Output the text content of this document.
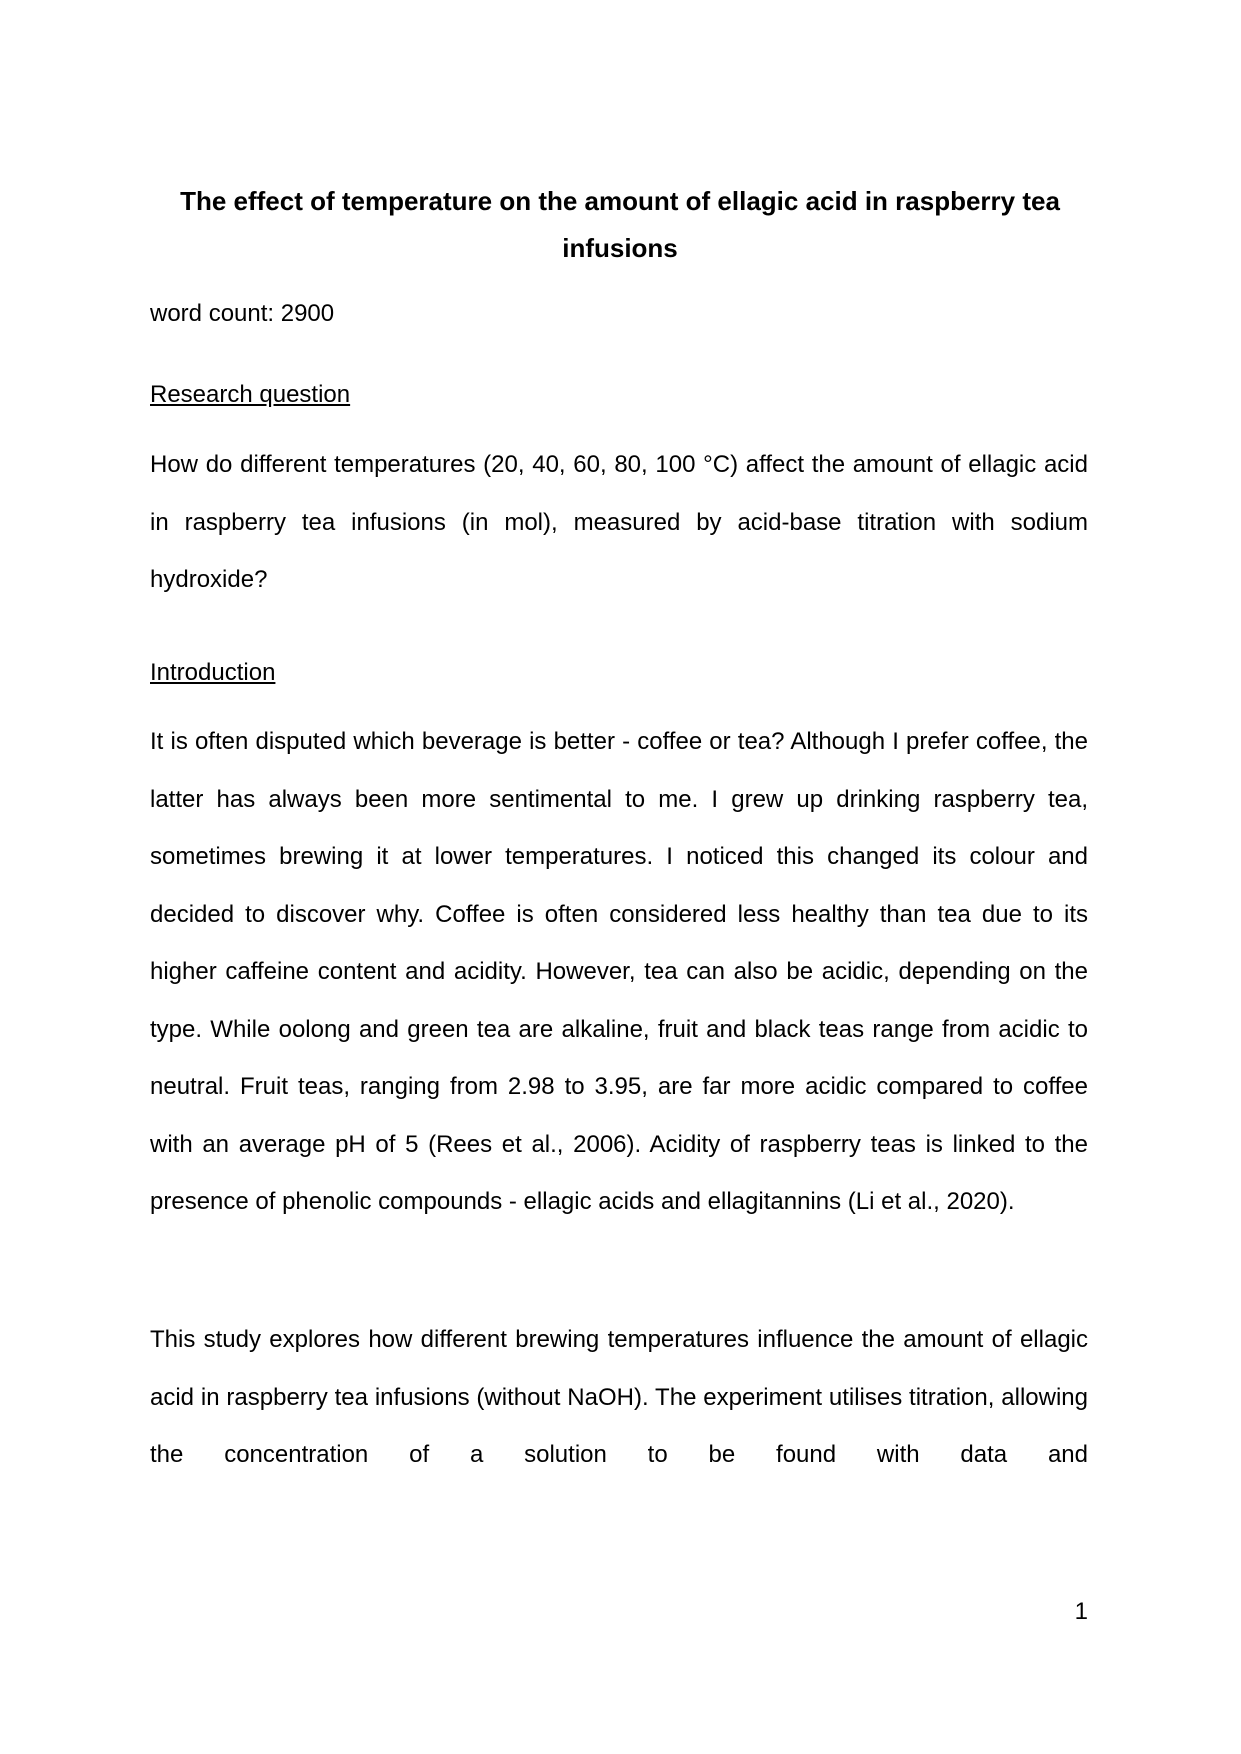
The effect of temperature on the amount of ellagic acid in raspberry tea infusions

word count: 2900

Research question

How do different temperatures (20, 40, 60, 80, 100 °C) affect the amount of ellagic acid in raspberry tea infusions (in mol), measured by acid-base titration with sodium hydroxide?

Introduction

It is often disputed which beverage is better - coffee or tea? Although I prefer coffee, the latter has always been more sentimental to me. I grew up drinking raspberry tea, sometimes brewing it at lower temperatures. I noticed this changed its colour and decided to discover why. Coffee is often considered less healthy than tea due to its higher caffeine content and acidity. However, tea can also be acidic, depending on the type. While oolong and green tea are alkaline, fruit and black teas range from acidic to neutral. Fruit teas, ranging from 2.98 to 3.95, are far more acidic compared to coffee with an average pH of 5 (Rees et al., 2006). Acidity of raspberry teas is linked to the presence of phenolic compounds - ellagic acids and ellagitannins (Li et al., 2020).

This study explores how different brewing temperatures influence the amount of ellagic acid in raspberry tea infusions (without NaOH). The experiment utilises titration, allowing the concentration of a solution to be found with data and

1
